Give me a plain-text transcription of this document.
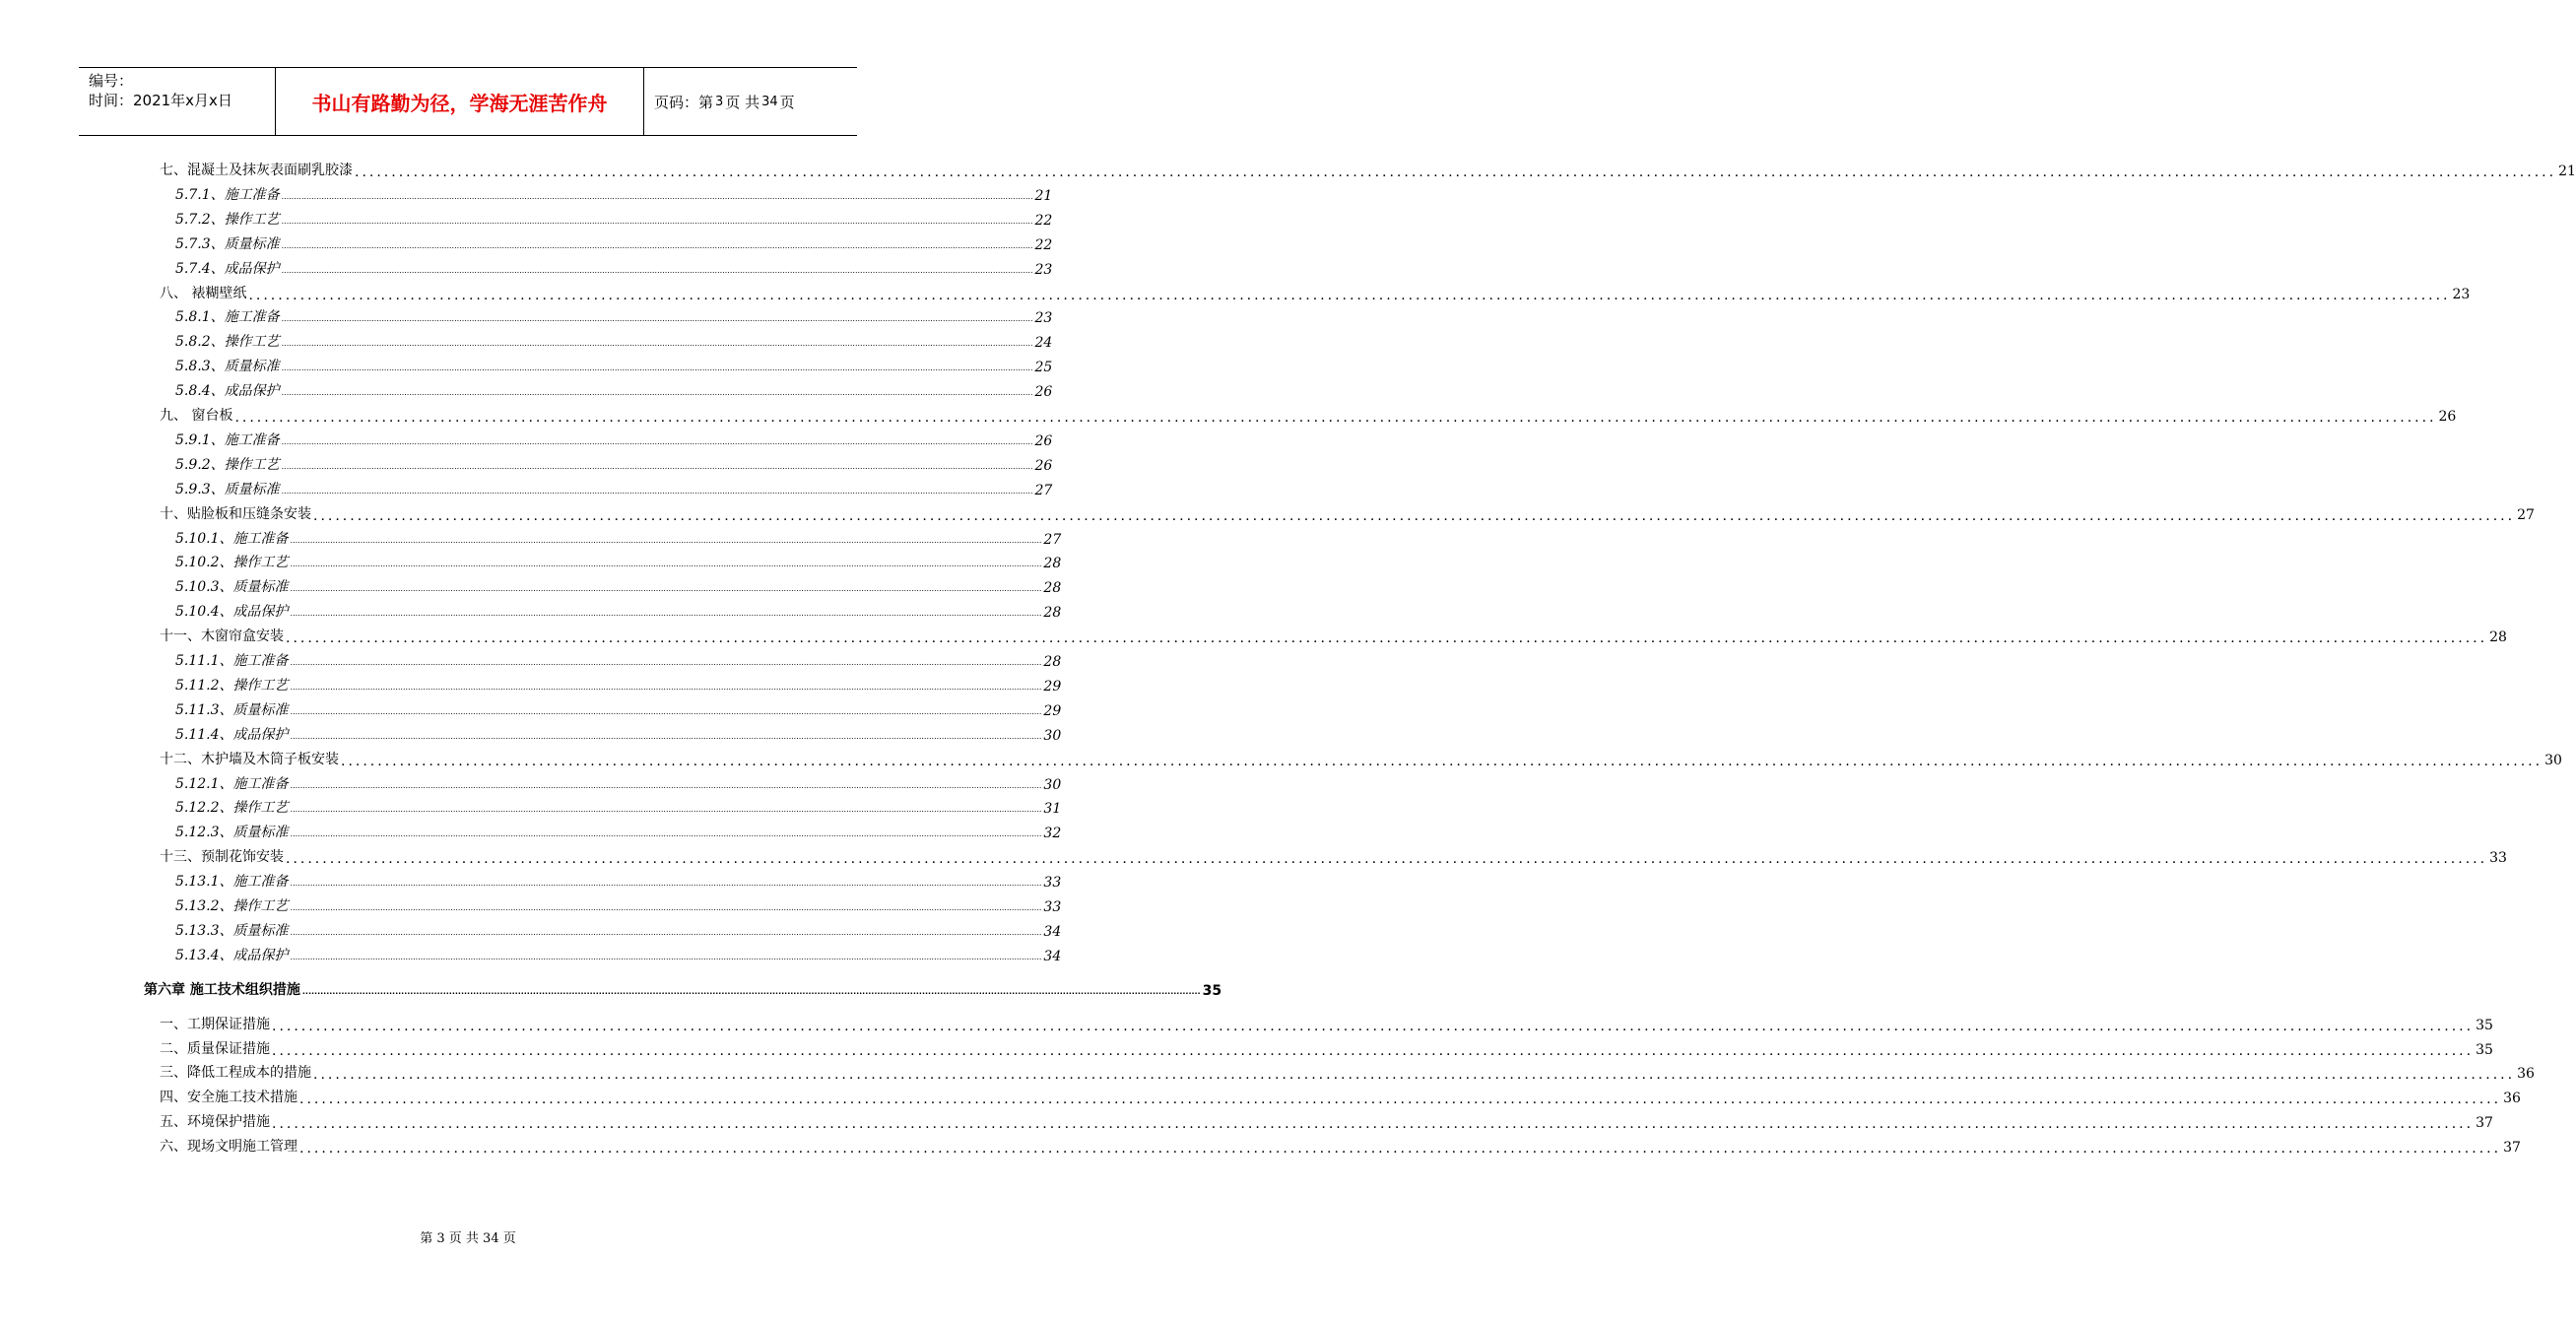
编号：
时间：2021年x月x日	书山有路勤为径，学海无涯苦作舟	页码：第 3 页 共 34 页
七、混凝土及抹灰表面刷乳胶漆 ............................................................................................................................................................................................................................................................................................................ 21
5.7.1、施工准备 ............................................................................................................................................................................................................................................................................................................ 21
5.7.2、操作工艺 ............................................................................................................................................................................................................................................................................................................ 22
5.7.3、质量标准 ............................................................................................................................................................................................................................................................................................................ 22
5.7.4、成品保护 ............................................................................................................................................................................................................................................................................................................ 23
八、 裱糊壁纸 ............................................................................................................................................................................................................................................................................................................ 23
5.8.1、施工准备 ............................................................................................................................................................................................................................................................................................................ 23
5.8.2、操作工艺 ............................................................................................................................................................................................................................................................................................................ 24
5.8.3、质量标准 ............................................................................................................................................................................................................................................................................................................ 25
5.8.4、成品保护 ............................................................................................................................................................................................................................................................................................................ 26
九、 窗台板 ............................................................................................................................................................................................................................................................................................................ 26
5.9.1、施工准备 ............................................................................................................................................................................................................................................................................................................ 26
5.9.2、操作工艺 ............................................................................................................................................................................................................................................................................................................ 26
5.9.3、质量标准 ............................................................................................................................................................................................................................................................................................................ 27
十、贴脸板和压缝条安装 ............................................................................................................................................................................................................................................................................................................ 27
5.10.1、施工准备 ............................................................................................................................................................................................................................................................................................................ 27
5.10.2、操作工艺 ............................................................................................................................................................................................................................................................................................................ 28
5.10.3、质量标准 ............................................................................................................................................................................................................................................................................................................ 28
5.10.4、成品保护 ............................................................................................................................................................................................................................................................................................................ 28
十一、木窗帘盒安装 ............................................................................................................................................................................................................................................................................................................ 28
5.11.1、施工准备 ............................................................................................................................................................................................................................................................................................................ 28
5.11.2、操作工艺 ............................................................................................................................................................................................................................................................................................................ 29
5.11.3、质量标准 ............................................................................................................................................................................................................................................................................................................ 29
5.11.4、成品保护 ............................................................................................................................................................................................................................................................................................................ 30
十二、木护墙及木筒子板安装 ............................................................................................................................................................................................................................................................................................................ 30
5.12.1、施工准备 ............................................................................................................................................................................................................................................................................................................ 30
5.12.2、操作工艺 ............................................................................................................................................................................................................................................................................................................ 31
5.12.3、质量标准 ............................................................................................................................................................................................................................................................................................................ 32
十三、预制花饰安装 ............................................................................................................................................................................................................................................................................................................ 33
5.13.1、施工准备 ............................................................................................................................................................................................................................................................................................................ 33
5.13.2、操作工艺 ............................................................................................................................................................................................................................................................................................................ 33
5.13.3、质量标准 ............................................................................................................................................................................................................................................................................................................ 34
5.13.4、成品保护 ............................................................................................................................................................................................................................................................................................................ 34
第六章 施工技术组织措施 ............................................................................................................................................................................................................................................................................................................ 35
一、工期保证措施 ............................................................................................................................................................................................................................................................................................................ 35
二、质量保证措施 ............................................................................................................................................................................................................................................................................................................ 35
三、降低工程成本的措施 ............................................................................................................................................................................................................................................................................................................ 36
四、安全施工技术措施 ............................................................................................................................................................................................................................................................................................................ 36
五、环境保护措施 ............................................................................................................................................................................................................................................................................................................ 37
六、现场文明施工管理 ............................................................................................................................................................................................................................................................................................................ 37
第 3 页 共 34 页
